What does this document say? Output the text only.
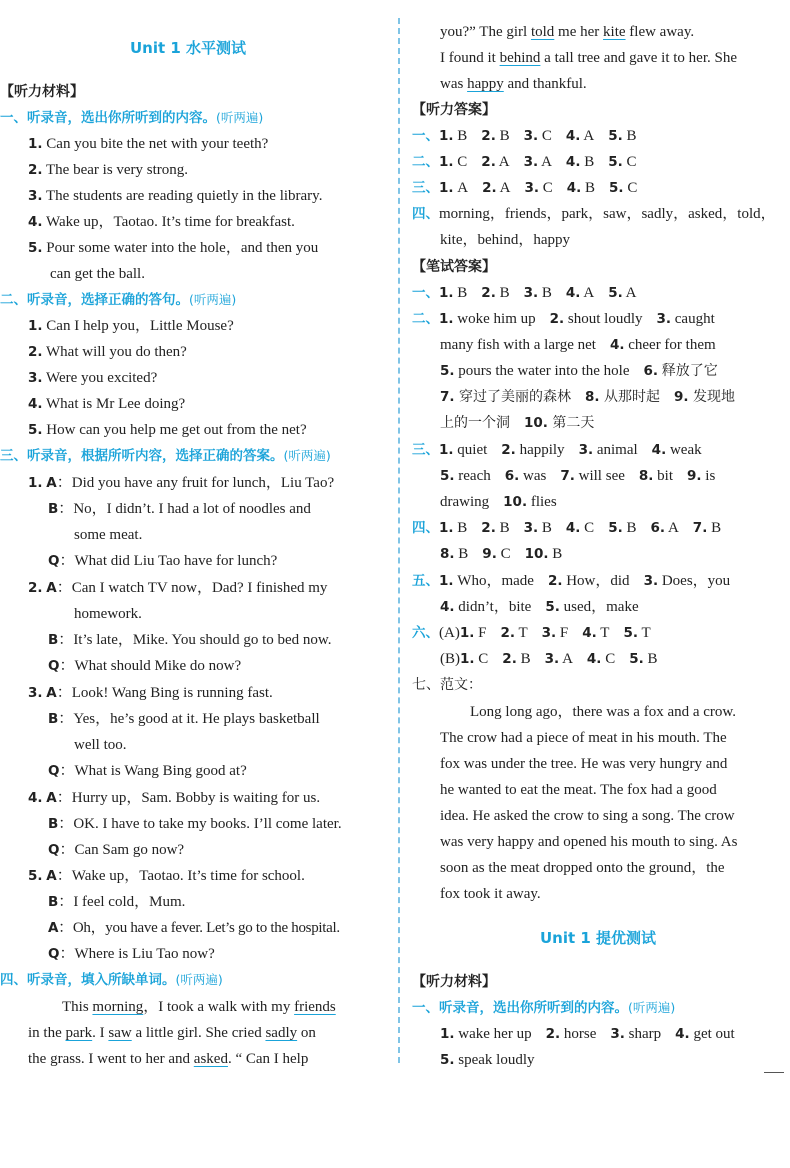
Unit 1 水平测试
【听力材料】
一、听录音，选出你所听到的内容。(听两遍)
1. Can you bite the net with your teeth?
2. The bear is very strong.
3. The students are reading quietly in the library.
4. Wake up，Taotao. It’s time for breakfast.
5. Pour some water into the hole，and then you
can get the ball.
二、听录音，选择正确的答句。(听两遍)
1. Can I help you，Little Mouse?
2. What will you do then?
3. Were you excited?
4. What is Mr Lee doing?
5. How can you help me get out from the net?
三、听录音，根据所听内容，选择正确的答案。(听两遍)
1. A：Did you have any fruit for lunch，Liu Tao?
B：No，I didn’t. I had a lot of noodles and
some meat.
Q：What did Liu Tao have for lunch?
2. A：Can I watch TV now，Dad? I finished my
homework.
B：It’s late，Mike. You should go to bed now.
Q：What should Mike do now?
3. A：Look! Wang Bing is running fast.
B：Yes，he’s good at it. He plays basketball
well too.
Q：What is Wang Bing good at?
4. A：Hurry up，Sam. Bobby is waiting for us.
B：OK. I have to take my books. I’ll come later.
Q：Can Sam go now?
5. A：Wake up，Taotao. It’s time for school.
B：I feel cold，Mum.
A：Oh，you have a fever. Let’s go to the hospital.
Q：Where is Liu Tao now?
四、听录音，填入所缺单词。(听两遍)
This morning，I took a walk with my friends
in the park. I saw a little girl. She cried sadly on
the grass. I went to her and asked. “ Can I help
you?” The girl told me her kite flew away.
I found it behind a tall tree and gave it to her. She
was happy and thankful.
【听力答案】
一、1. B 2. B 3. C 4. A 5. B
二、1. C 2. A 3. A 4. B 5. C
三、1. A 2. A 3. C 4. B 5. C
四、morning，friends，park，saw，sadly，asked，told，
kite，behind，happy
【笔试答案】
一、1. B 2. B 3. B 4. A 5. A
二、1. woke him up 2. shout loudly 3. caught
many fish with a large net 4. cheer for them
5. pours the water into the hole 6. 释放了它
7. 穿过了美丽的森林 8. 从那时起 9. 发现地
上的一个洞 10. 第二天
三、1. quiet 2. happily 3. animal 4. weak
5. reach 6. was 7. will see 8. bit 9. is
drawing 10. flies
四、1. B 2. B 3. B 4. C 5. B 6. A 7. B
8. B 9. C 10. B
五、1. Who，made 2. How，did 3. Does，you
4. didn’t，bite 5. used，make
六、(A)1. F 2. T 3. F 4. T 5. T
(B)1. C 2. B 3. A 4. C 5. B
七、范文：
Long long ago，there was a fox and a crow.
The crow had a piece of meat in his mouth. The
fox was under the tree. He was very hungry and
he wanted to eat the meat. The fox had a good
idea. He asked the crow to sing a song. The crow
was very happy and opened his mouth to sing. As
soon as the meat dropped onto the ground，the
fox took it away.
Unit 1 提优测试
【听力材料】
一、听录音，选出你所听到的内容。(听两遍)
1. wake her up 2. horse 3. sharp 4. get out
5. speak loudly
